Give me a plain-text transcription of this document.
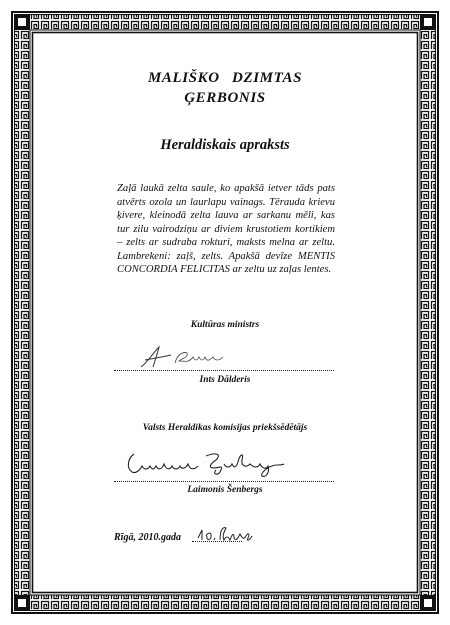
MALIŠKO DZIMTAS
ĢERBONIS
Heraldiskais apraksts
Zaļā laukā zelta saule, ko apakšā ietver tāds pats atvērts ozola un laurlapu vainags. Tērauda krievu ķivere, kleinodā zelta lauva ar sarkanu mēli, kas tur zilu vairodziņu ar diviem krustotiem kortikiem – zelts ar sudraba rokturi, maksts melna ar zeltu. Lambrekeni: zaļš, zelts. Apakšā devīze MENTIS CONCORDIA FELICITAS ar zeltu uz zaļas lentes.
Kultūras ministrs
Ints Dālderis
Valsts Heraldikas komisijas priekšsēdētājs
Laimonis Šenbergs
Rīgā, 2010.gada
